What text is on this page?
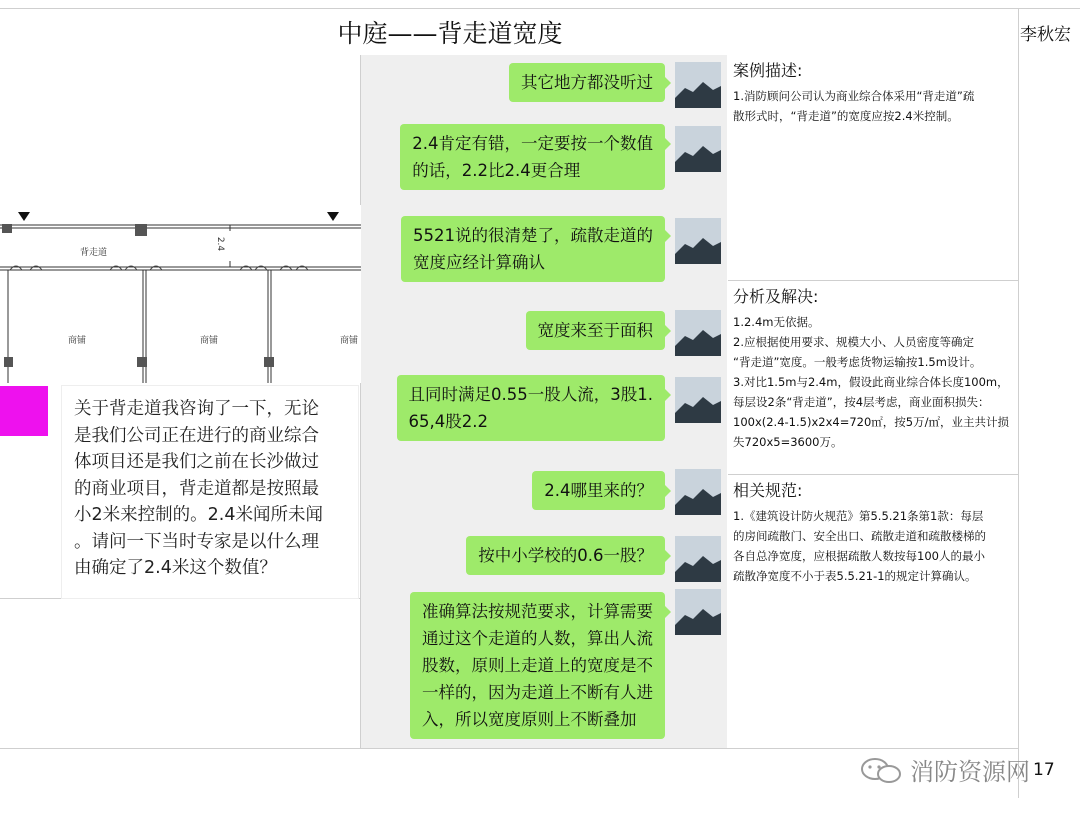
中庭——背走道宽度	李秋宏
背走道
2.4
商铺	商铺	商铺
关于背走道我咨询了一下，无论
是我们公司正在进行的商业综合
体项目还是我们之前在长沙做过
的商业项目，背走道都是按照最
小2米来控制的。2.4米闻所未闻
。请问一下当时专家是以什么理
由确定了2.4米这个数值？
其它地方都没听过
2.4肯定有错，一定要按一个数值
的话，2.2比2.4更合理
5521说的很清楚了，疏散走道的
宽度应经计算确认
宽度来至于面积
且同时满足0.55一股人流，3股1.
65,4股2.2
2.4哪里来的？
按中小学校的0.6一股？
准确算法按规范要求，计算需要
通过这个走道的人数，算出人流
股数，原则上走道上的宽度是不
一样的，因为走道上不断有人进
入，所以宽度原则上不断叠加
案例描述:
1.消防顾问公司认为商业综合体采用“背走道”疏
散形式时，“背走道”的宽度应按2.4米控制。
分析及解决:
1.2.4m无依据。
2.应根据使用要求、规模大小、人员密度等确定
“背走道”宽度。一般考虑货物运输按1.5m设计。
3.对比1.5m与2.4m，假设此商业综合体长度100m，
每层设2条“背走道”，按4层考虑，商业面积损失：
100x(2.4-1.5)x2x4=720㎡，按5万/㎡，业主共计损
失720x5=3600万。
相关规范:
1.《建筑设计防火规范》第5.5.21条第1款：每层
的房间疏散门、安全出口、疏散走道和疏散楼梯的
各自总净宽度，应根据疏散人数按每100人的最小
疏散净宽度不小于表5.5.21-1的规定计算确认。
消防资源网 17
